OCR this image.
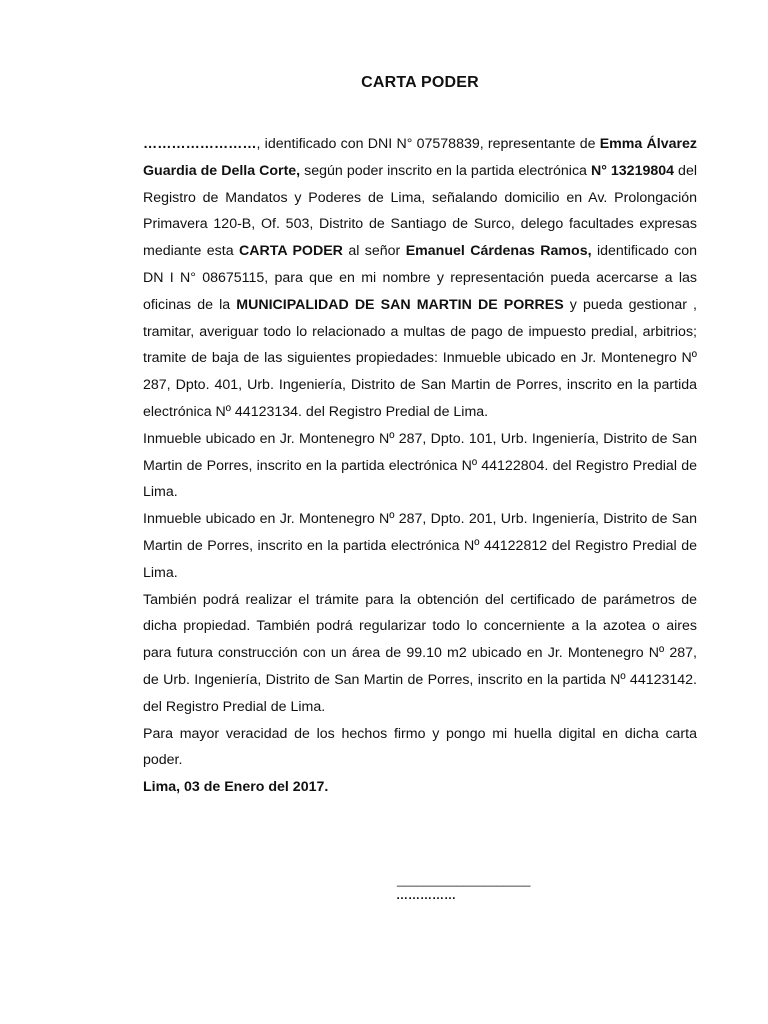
CARTA PODER

……………………, identificado con DNI N° 07578839, representante de Emma Álvarez Guardia de Della Corte, según poder inscrito en la partida electrónica N° 13219804 del Registro de Mandatos y Poderes de Lima, señalando domicilio en Av. Prolongación Primavera 120-B, Of. 503, Distrito de Santiago de Surco, delego facultades expresas mediante esta CARTA PODER al señor Emanuel Cárdenas Ramos, identificado con DN I N° 08675115, para que en mi nombre y representación pueda acercarse a las oficinas de la MUNICIPALIDAD DE SAN MARTIN DE PORRES y pueda gestionar , tramitar, averiguar todo lo relacionado a multas de pago de impuesto predial, arbitrios; tramite de baja de las siguientes propiedades: Inmueble ubicado en Jr. Montenegro Nº 287, Dpto. 401, Urb. Ingeniería, Distrito de San Martin de Porres, inscrito en la partida electrónica Nº 44123134. del Registro Predial de Lima.

Inmueble ubicado en Jr. Montenegro Nº 287, Dpto. 101, Urb. Ingeniería, Distrito de San Martin de Porres, inscrito en la partida electrónica Nº 44122804. del Registro Predial de Lima.

Inmueble ubicado en Jr. Montenegro Nº 287, Dpto. 201, Urb. Ingeniería, Distrito de San Martin de Porres, inscrito en la partida electrónica Nº 44122812 del Registro Predial de Lima.

También podrá realizar el trámite para la obtención del certificado de parámetros de dicha propiedad. También podrá regularizar todo lo concerniente a la azotea o aires para futura construcción con un área de 99.10 m2 ubicado en Jr. Montenegro Nº 287, de Urb. Ingeniería, Distrito de San Martin de Porres, inscrito en la partida Nº 44123142. del Registro Predial de Lima.

Para mayor veracidad de los hechos firmo y pongo mi huella digital en dicha carta poder.

Lima, 03 de Enero del 2017.

____________________
……………
